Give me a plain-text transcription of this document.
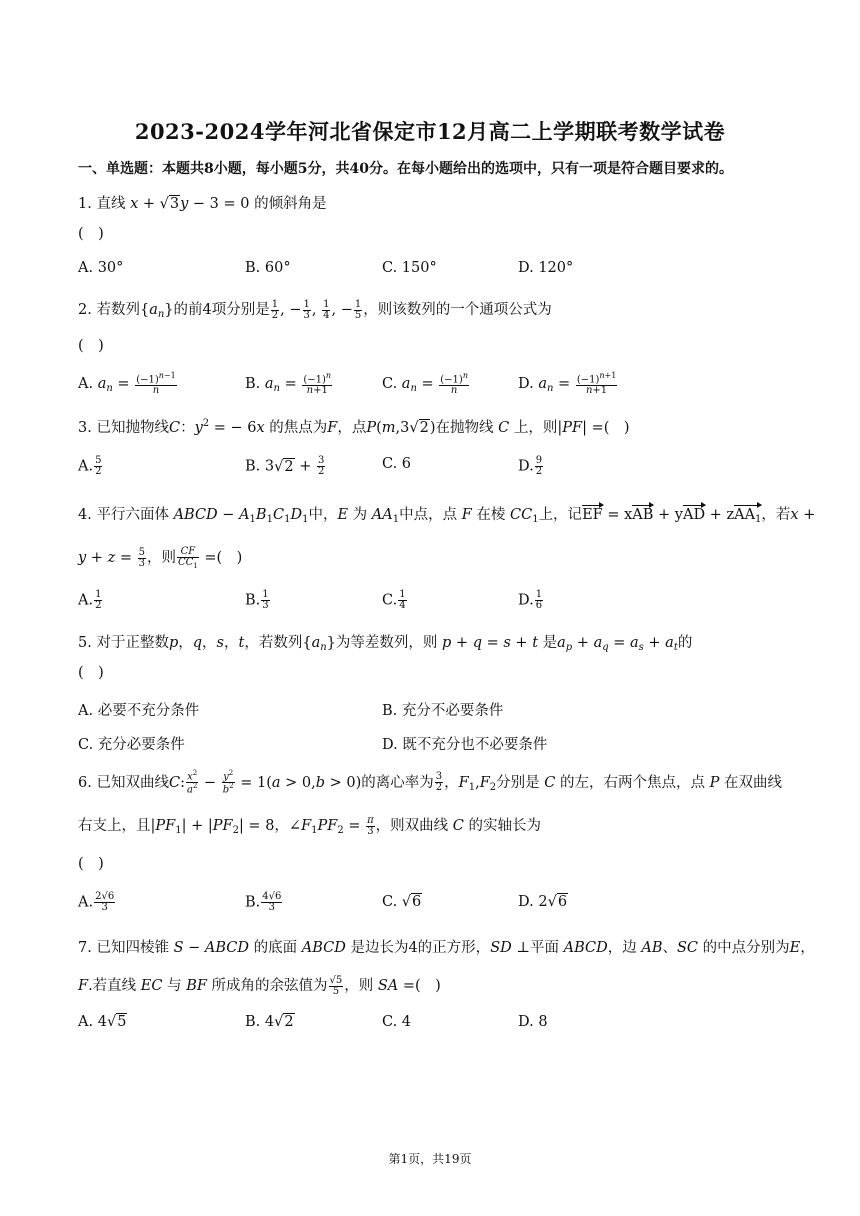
2023-2024学年河北省保定市12月高二上学期联考数学试卷
一、单选题：本题共8小题，每小题5分，共40分。在每小题给出的选项中，只有一项是符合题目要求的。
1. 直线 x + √3y − 3 = 0 的倾斜角是
( )
A. 30°	B. 60°	C. 150°	D. 120°
2. 若数列$\{a_n\}$的前4项分别是 $\frac{1}{2}$ , − $\frac{1}{3}$ , $\frac{1}{4}$ , − $\frac{1}{5}$ ，则该数列的一个通项公式为
( )
A. $a_n = \frac{(-1)^{n-1}}{n}$	B. $a_n = \frac{(-1)^n}{n+1}$	C. $a_n = \frac{(-1)^n}{n}$	D. $a_n = \frac{(-1)^{n+1}}{n+1}$
3. 已知抛物线C：$y^2$ = − 6x 的焦点为F，点P(m,3√2)在抛物线 C 上，则|PF| =( )
A. $\frac{5}{2}$	B. $3√2 + \frac{3}{2}$	C. 6	D. $\frac{9}{2}$
4. 平行六面体 ABCD − $A_1B_1C_1D_1$中，E 为 $AA_1$中点，点 F 在棱 $CC_1$上，记EF = xAB + yAD + zAA$_1$，若x +
$y + z = \frac{5}{3}$ ，则 $\frac{CF}{CC_1}$ =( )
A. $\frac{1}{2}$	B. $\frac{1}{3}$	C. $\frac{1}{4}$	D. $\frac{1}{6}$
5. 对于正整数p，q，s，t，若数列$\{a_n\}$为等差数列，则 p + q = s + t 是$a_p + a_q = a_s + a_t$的
( )
A. 必要不充分条件	B. 充分不必要条件
C. 充分必要条件	D. 既不充分也不必要条件
6. 已知双曲线C: $\frac{x^2}{a^2} - \frac{y^2}{b^2} = 1(a > 0,b > 0)$的离心率为 $\frac{3}{2}$ ，$F_1,F_2$分别是 C 的左，右两个焦点，点 P 在双曲线
右支上，且$|PF_1| + |PF_2| = 8$，$\angle F_1PF_2 = \frac{\pi}{3}$ ，则双曲线 C 的实轴长为
( )
A. $\frac{2√6}{3}$	B. $\frac{4√6}{3}$	C. √6	D. 2√6
7. 已知四棱锥 S − ABCD 的底面 ABCD 是边长为4的正方形，SD ⊥平面 ABCD，边 AB、SC 的中点分别为E，
F.若直线 EC 与 BF 所成角的余弦值为 $\frac{√5}{5}$ ，则 SA =( )
A. 4√5	B. 4√2	C. 4	D. 8
第1页，共19页
